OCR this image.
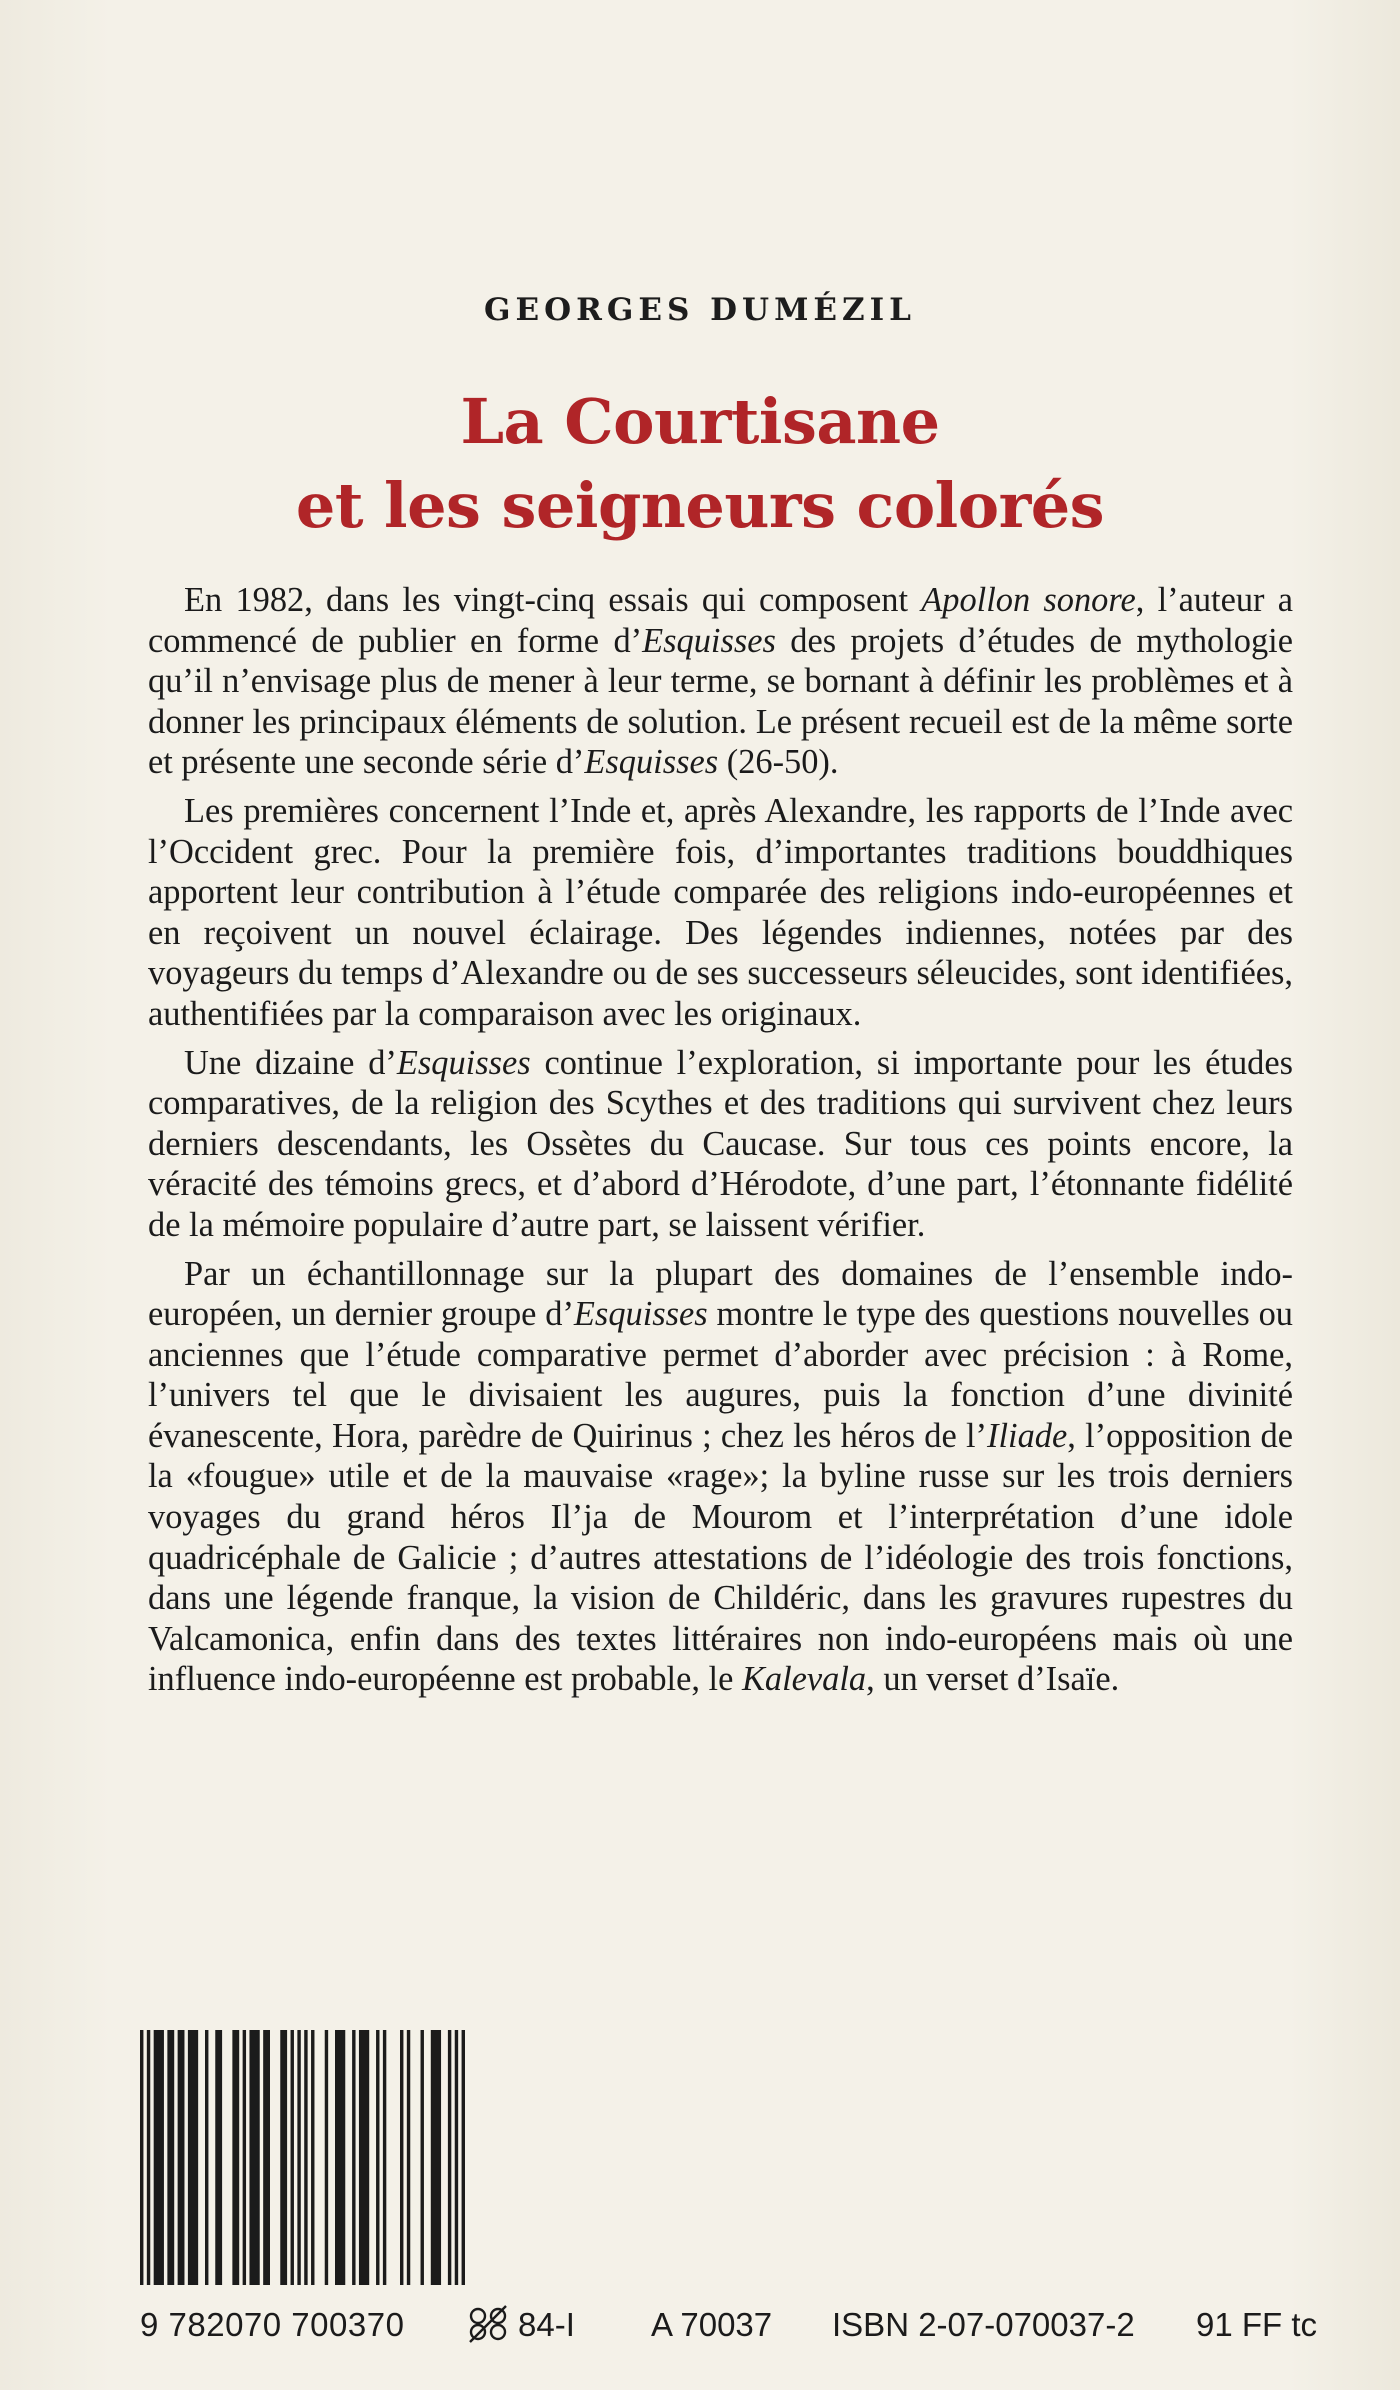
GEORGES DUMÉZIL
La Courtisane
et les seigneurs colorés

En 1982, dans les vingt-cinq essais qui composent Apollon sonore, l’auteur a commencé de publier en forme d’Esquisses des projets d’études de mythologie qu’il n’envisage plus de mener à leur terme, se bornant à définir les problèmes et à donner les principaux éléments de solution. Le présent recueil est de la même sorte et présente une seconde série d’Esquisses (26-50).

Les premières concernent l’Inde et, après Alexandre, les rapports de l’Inde avec l’Occident grec. Pour la première fois, d’importantes traditions bouddhiques apportent leur contribution à l’étude comparée des religions indo-européennes et en reçoivent un nouvel éclairage. Des légendes indiennes, notées par des voyageurs du temps d’Alexandre ou de ses successeurs séleucides, sont identifiées, authentifiées par la comparaison avec les originaux.

Une dizaine d’Esquisses continue l’exploration, si importante pour les études comparatives, de la religion des Scythes et des traditions qui survivent chez leurs derniers descendants, les Ossètes du Caucase. Sur tous ces points encore, la véracité des témoins grecs, et d’abord d’Hérodote, d’une part, l’étonnante fidélité de la mémoire populaire d’autre part, se laissent vérifier.

Par un échantillonnage sur la plupart des domaines de l’ensemble indo-européen, un dernier groupe d’Esquisses montre le type des questions nouvelles ou anciennes que l’étude comparative permet d’aborder avec précision : à Rome, l’univers tel que le divisaient les augures, puis la fonction d’une divinité évanescente, Hora, parèdre de Quirinus ; chez les héros de l’Iliade, l’opposition de la «fougue» utile et de la mauvaise «rage»; la byline russe sur les trois derniers voyages du grand héros Il’ja de Mourom et l’interprétation d’une idole quadricéphale de Galicie ; d’autres attestations de l’idéologie des trois fonctions, dans une légende franque, la vision de Childéric, dans les gravures rupestres du Valcamonica, enfin dans des textes littéraires non indo-européens mais où une influence indo-européenne est probable, le Kalevala, un verset d’Isaïe.

9 782070 700370	84-I A 70037 ISBN 2-07-070037-2 91 FF tc
